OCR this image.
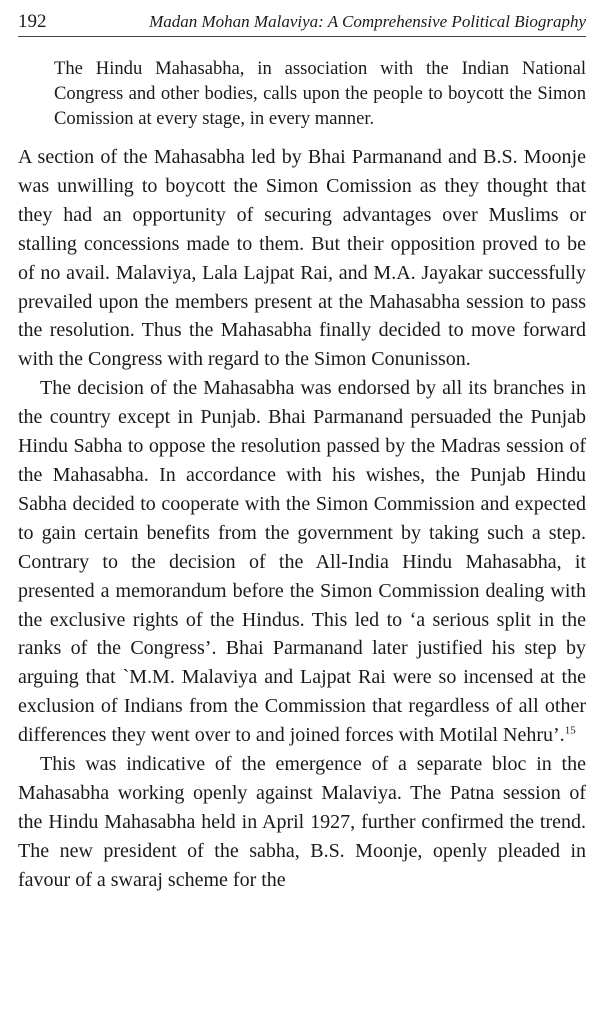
192	Madan Mohan Malaviya: A Comprehensive Political Biography

The Hindu Mahasabha, in association with the Indian National Congress and other bodies, calls upon the people to boycott the Simon Comission at every stage, in every manner.

A section of the Mahasabha led by Bhai Parmanand and B.S. Moonje was unwilling to boycott the Simon Comission as they thought that they had an opportunity of securing advantages over Muslims or stalling concessions made to them. But their opposition proved to be of no avail. Malaviya, Lala Lajpat Rai, and M.A. Jayakar successfully prevailed upon the members present at the Mahasabha session to pass the resolution. Thus the Mahasabha finally decided to move forward with the Congress with regard to the Simon Conunisson.

The decision of the Mahasabha was endorsed by all its branches in the country except in Punjab. Bhai Parmanand persuaded the Punjab Hindu Sabha to oppose the resolution passed by the Madras session of the Mahasabha. In accordance with his wishes, the Punjab Hindu Sabha decided to cooperate with the Simon Commission and expected to gain certain benefits from the government by taking such a step. Contrary to the decision of the All-India Hindu Mahasabha, it presented a memorandum before the Simon Commission dealing with the exclusive rights of the Hindus. This led to ‘a serious split in the ranks of the Congress’. Bhai Parmanand later justified his step by arguing that `M.M. Malaviya and Lajpat Rai were so incensed at the exclusion of Indians from the Commission that regardless of all other differences they went over to and joined forces with Motilal Nehru’.$^{15}$

This was indicative of the emergence of a separate bloc in the Mahasabha working openly against Malaviya. The Patna session of the Hindu Mahasabha held in April 1927, further confirmed the trend. The new president of the sabha, B.S. Moonje, openly pleaded in favour of a swaraj scheme for the
